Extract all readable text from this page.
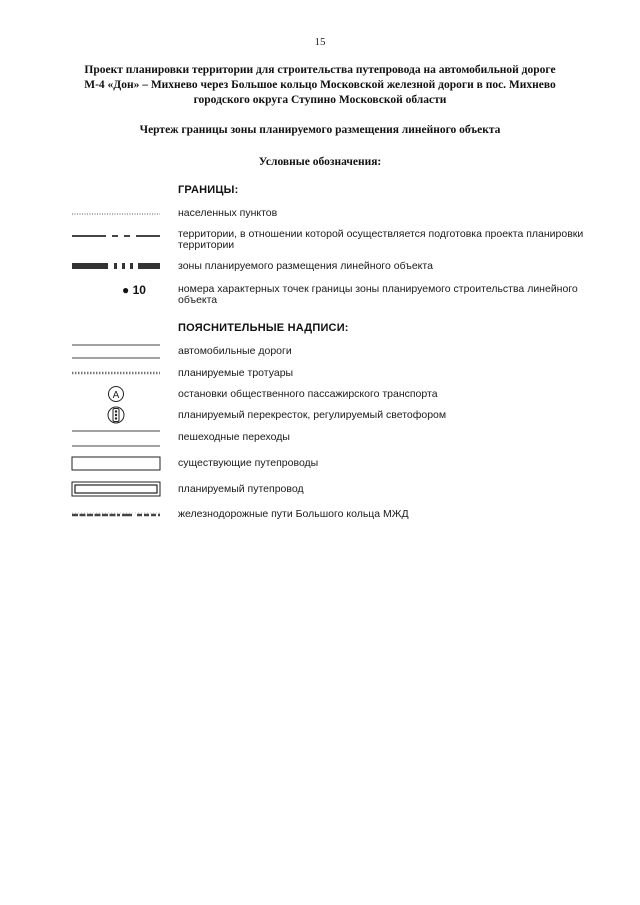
15
Проект планировки территории для строительства путепровода на автомобильной дороге
М-4 «Дон» – Михнево через Большое кольцо Московской железной дороги в пос. Михнево
городского округа Ступино Московской области
Чертеж границы зоны планируемого размещения линейного объекта
Условные обозначения:
ГРАНИЦЫ:
населенных пунктов
территории, в отношении которой осуществляется подготовка проекта планировки территории
зоны планируемого размещения линейного объекта
● 10	номера характерных точек границы зоны планируемого строительства линейного объекта
ПОЯСНИТЕЛЬНЫЕ НАДПИСИ:
автомобильные дороги
планируемые тротуары
А	остановки общественного пассажирского транспорта
планируемый перекресток, регулируемый светофором
пешеходные переходы
существующие путепроводы
планируемый путепровод
железнодорожные пути Большого кольца МЖД
